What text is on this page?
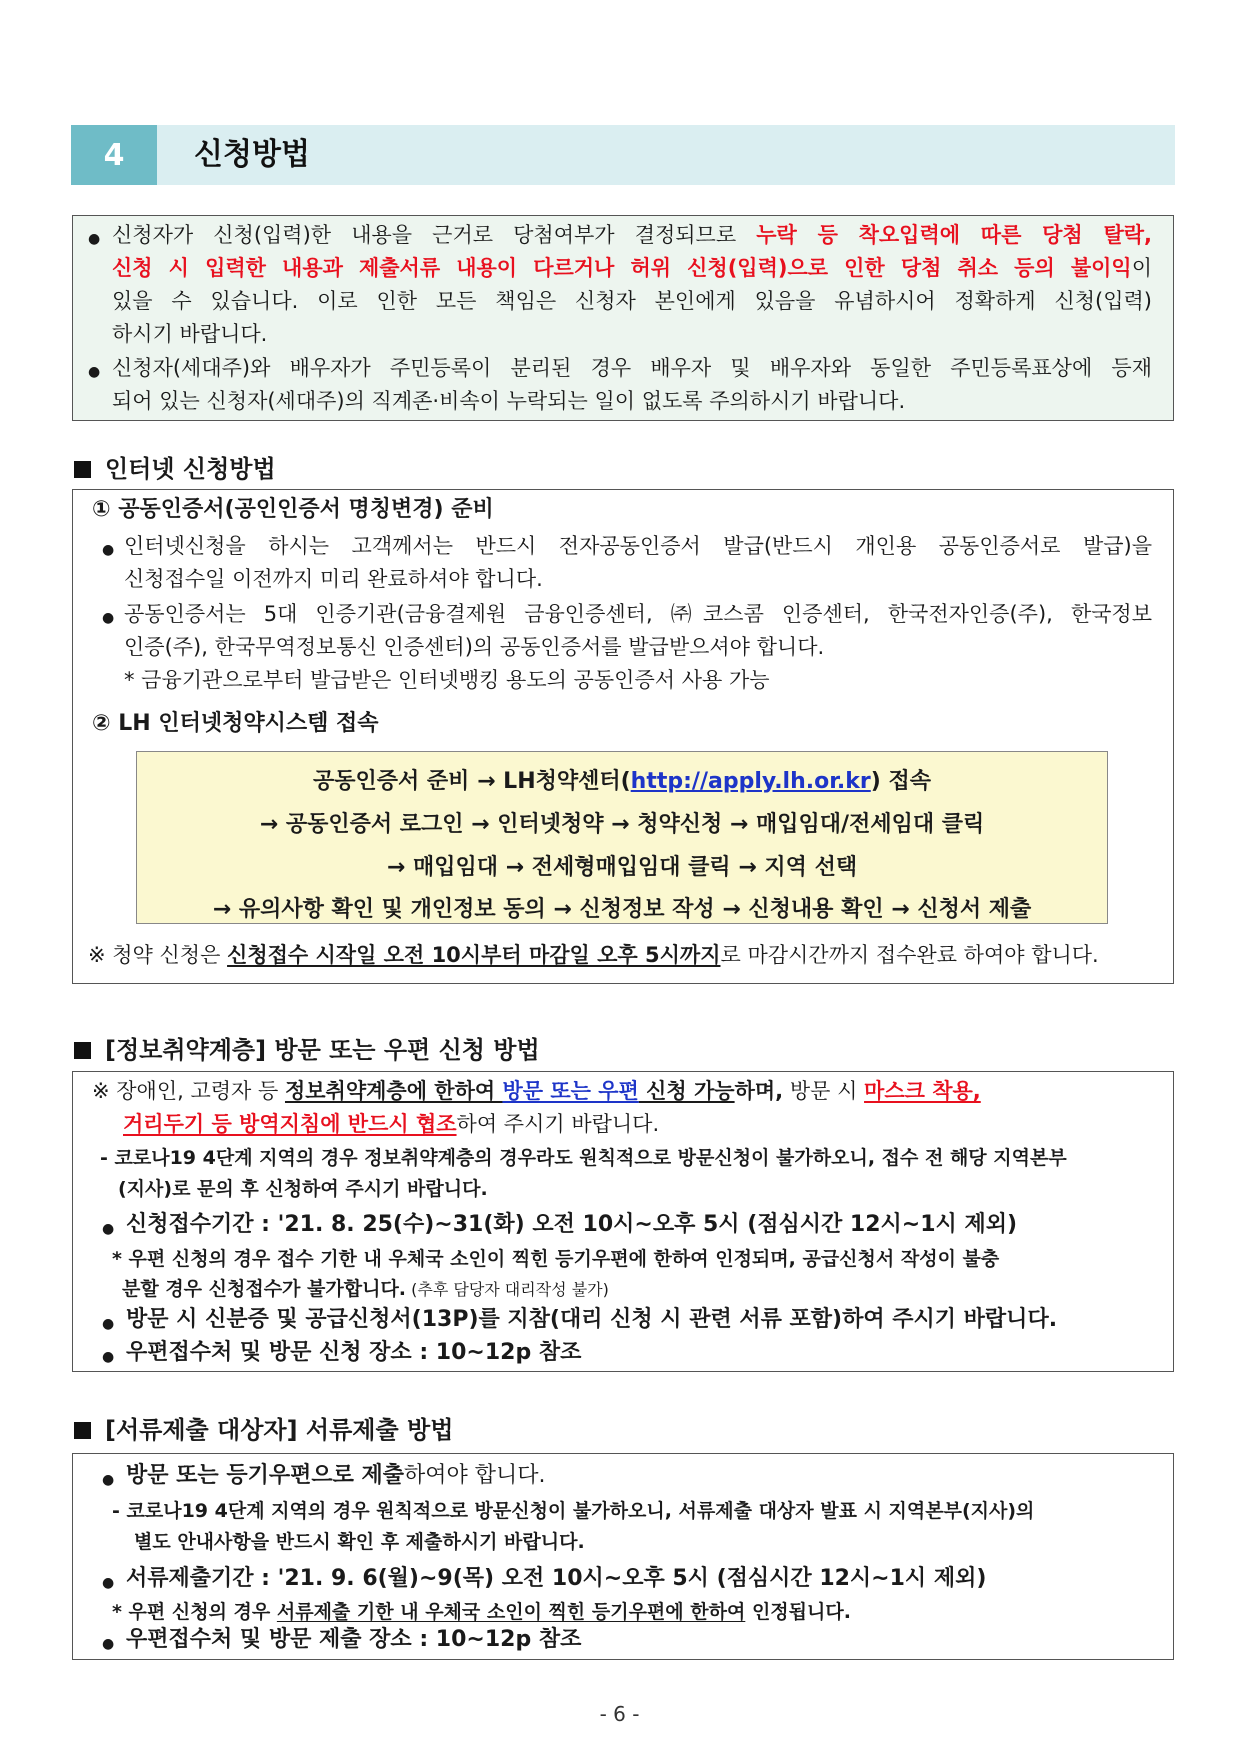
4	신청방법
● 신청자가 신청(입력)한 내용을 근거로 당첨여부가 결정되므로 누락 등 착오입력에 따른 당첨 탈락,
신청 시 입력한 내용과 제출서류 내용이 다르거나 허위 신청(입력)으로 인한 당첨 취소 등의 불이익이
있을 수 있습니다. 이로 인한 모든 책임은 신청자 본인에게 있음을 유념하시어 정확하게 신청(입력)
하시기 바랍니다.
● 신청자(세대주)와 배우자가 주민등록이 분리된 경우 배우자 및 배우자와 동일한 주민등록표상에 등재
되어 있는 신청자(세대주)의 직계존·비속이 누락되는 일이 없도록 주의하시기 바랍니다.
인터넷 신청방법
① 공동인증서(공인인증서 명칭변경) 준비
● 인터넷신청을 하시는 고객께서는 반드시 전자공동인증서 발급(반드시 개인용 공동인증서로 발급)을
신청접수일 이전까지 미리 완료하셔야 합니다.
● 공동인증서는 5대 인증기관(금융결제원 금융인증센터, ㈜코스콤 인증센터, 한국전자인증(주), 한국정보
인증(주), 한국무역정보통신 인증센터)의 공동인증서를 발급받으셔야 합니다.
* 금융기관으로부터 발급받은 인터넷뱅킹 용도의 공동인증서 사용 가능
② LH 인터넷청약시스템 접속
공동인증서 준비 → LH청약센터(http://apply.lh.or.kr) 접속
→ 공동인증서 로그인 → 인터넷청약 → 청약신청 → 매입임대/전세임대 클릭
→ 매입임대 → 전세형매입임대 클릭 → 지역 선택
→ 유의사항 확인 및 개인정보 동의 → 신청정보 작성 → 신청내용 확인 → 신청서 제출
※ 청약 신청은 신청접수 시작일 오전 10시부터 마감일 오후 5시까지로 마감시간까지 접수완료 하여야 합니다.
[정보취약계층] 방문 또는 우편 신청 방법
※ 장애인, 고령자 등 정보취약계층에 한하여 방문 또는 우편 신청 가능하며, 방문 시 마스크 착용,
거리두기 등 방역지침에 반드시 협조하여 주시기 바랍니다.
- 코로나19 4단계 지역의 경우 정보취약계층의 경우라도 원칙적으로 방문신청이 불가하오니, 접수 전 해당 지역본부
(지사)로 문의 후 신청하여 주시기 바랍니다.
● 신청접수기간 : '21. 8. 25(수)~31(화) 오전 10시~오후 5시 (점심시간 12시~1시 제외)
* 우편 신청의 경우 접수 기한 내 우체국 소인이 찍힌 등기우편에 한하여 인정되며, 공급신청서 작성이 불충
분할 경우 신청접수가 불가합니다. (추후 담당자 대리작성 불가)
● 방문 시 신분증 및 공급신청서(13P)를 지참(대리 신청 시 관련 서류 포함)하여 주시기 바랍니다.
● 우편접수처 및 방문 신청 장소 : 10~12p 참조
[서류제출 대상자] 서류제출 방법
● 방문 또는 등기우편으로 제출하여야 합니다.
- 코로나19 4단계 지역의 경우 원칙적으로 방문신청이 불가하오니, 서류제출 대상자 발표 시 지역본부(지사)의
별도 안내사항을 반드시 확인 후 제출하시기 바랍니다.
● 서류제출기간 : '21. 9. 6(월)~9(목) 오전 10시~오후 5시 (점심시간 12시~1시 제외)
* 우편 신청의 경우 서류제출 기한 내 우체국 소인이 찍힌 등기우편에 한하여 인정됩니다.
● 우편접수처 및 방문 제출 장소 : 10~12p 참조
- 6 -
